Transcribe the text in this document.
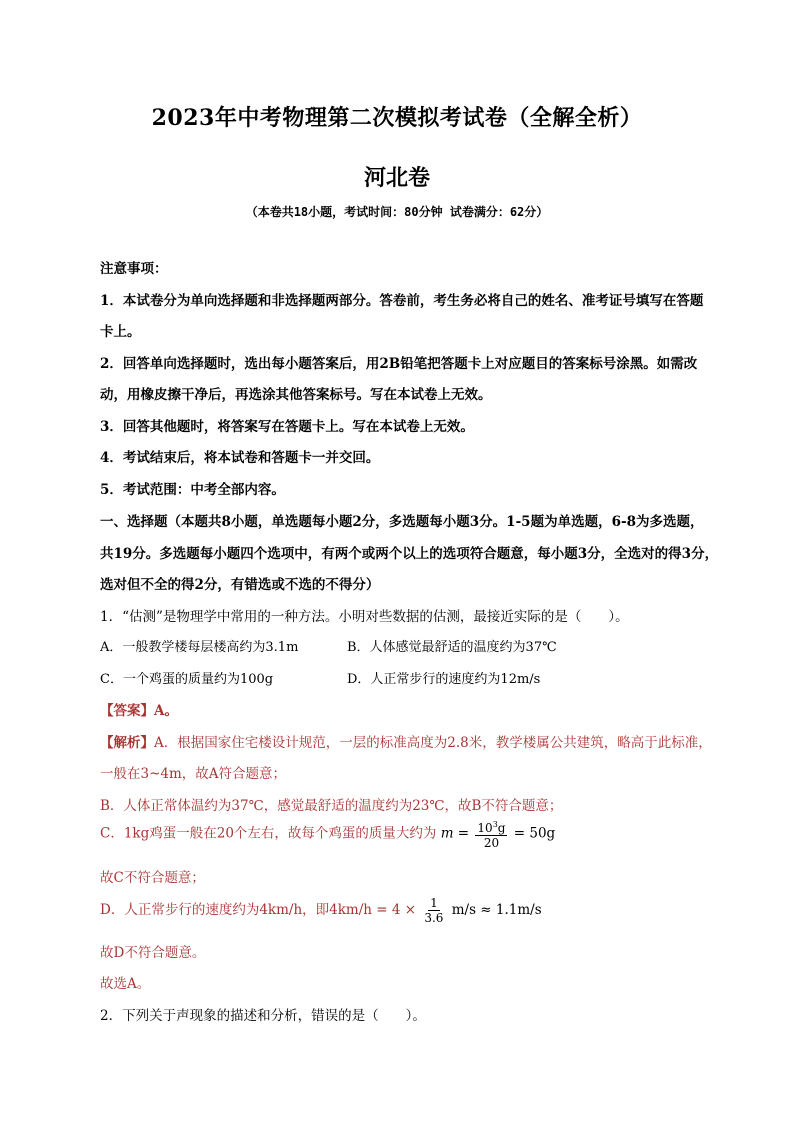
2023年中考物理第二次模拟考试卷（全解全析）
河北卷
（本卷共18小题，考试时间：80分钟 试卷满分：62分）
注意事项：
1．本试卷分为单向选择题和非选择题两部分。答卷前，考生务必将自己的姓名、准考证号填写在答题
卡上。
2．回答单向选择题时，选出每小题答案后，用2B铅笔把答题卡上对应题目的答案标号涂黑。如需改
动，用橡皮擦干净后，再选涂其他答案标号。写在本试卷上无效。
3．回答其他题时，将答案写在答题卡上。写在本试卷上无效。
4．考试结束后，将本试卷和答题卡一并交回。
5．考试范围：中考全部内容。
一、选择题（本题共8小题，单选题每小题2分，多选题每小题3分。1-5题为单选题，6-8为多选题，
共19分。多选题每小题四个选项中，有两个或两个以上的选项符合题意，每小题3分，全选对的得3分，
选对但不全的得2分，有错选或不选的不得分）
1．“估测”是物理学中常用的一种方法。小明对些数据的估测，最接近实际的是（　　）。
A．一般教学楼每层楼高约为3.1m	B．人体感觉最舒适的温度约为37℃
C．一个鸡蛋的质量约为100g	D．人正常步行的速度约为12m/s
【答案】A。
【解析】A．根据国家住宅楼设计规范，一层的标准高度为2.8米，教学楼属公共建筑，略高于此标准，
一般在3~4m，故A符合题意；
B．人体正常体温约为37℃，感觉最舒适的温度约为23℃，故B不符合题意；
C．1kg鸡蛋一般在20个左右，故每个鸡蛋的质量大约为 $m = \frac{10^3g}{20} = 50g$
故C不符合题意；
D．人正常步行的速度约为4km/h，即$4km/h = 4 \times \frac{1}{3.6} m/s \approx 1.1m/s$
故D不符合题意。
故选A。
2．下列关于声现象的描述和分析，错误的是（　　）。
